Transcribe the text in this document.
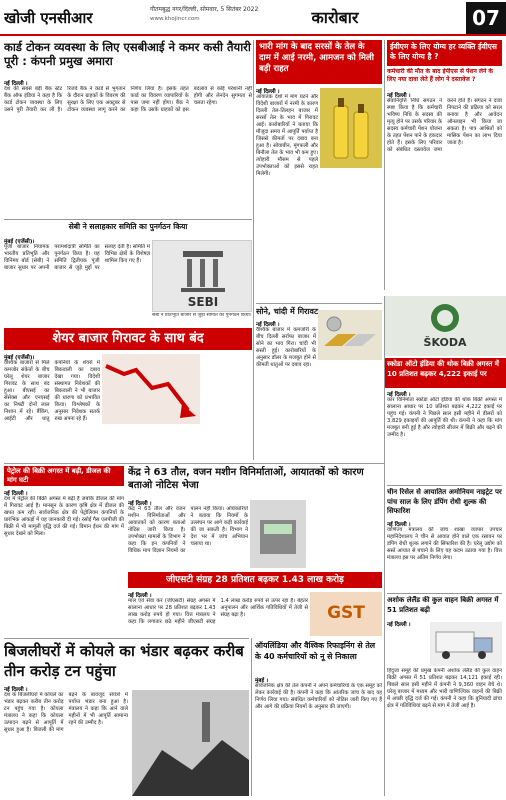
खोजी एनसीआर	गौतमबुद्ध नगर/दिल्ली, सोमवार, 5 सितंबर 2022
www.khojincr.com	कारोबार	07
कार्ड टोकन व्यवस्था के लिए एसबीआई ने कमर कसी तैयारी पूरी : कंपनी प्रमुख अमारा
नई दिल्ली ।

देश की सबसे बड़ी बैंक स्टेट बैंक ऑफ इंडिया ने कहा है कि कार्ड टोकन व्यवस्था के लिए उसने पूरी तैयारी कर ली है। रिजर्व बैंक ने कार्ड से भुगतान के दौरान ग्राहकों के विवरण की सुरक्षा के लिए एक अक्टूबर से टोकन व्यवस्था लागू करने का निर्णय लिया है। इसके तहत कार्ड का विवरण व्यापारियों के पास जमा नहीं होगा। बैंक ने कहा कि उसके ग्राहकों को इस बदलाव से कोई परेशानी नहीं होगी और लेनदेन सुगमता से चलता रहेगा।

सेबी ने सलाहकार समिति का पुनर्गठन किया
मुंबई (एजेंसी)।

पूंजी बाजार नियामक भारतीय प्रतिभूति और विनिमय बोर्ड (सेबी) ने बाजार सुधार पर अपनी परामर्शदात्री समिति का पुनर्गठन किया है। यह समिति द्वितीयक पूंजी बाजार से जुड़े मुद्दों पर सलाह देती है। समिति में विभिन्न क्षेत्रों के विशेषज्ञ शामिल किए गए हैं।

SEBI
सेबी ने प्रतिभूति बाजार से जुड़ी समिति का पुनर्गठन किया।
शेयर बाजार गिरावट के साथ बंद
मुंबई (एजेंसी)।

वैश्विक बाजारों से मिले कमजोर संकेतों के बीच घरेलू शेयर बाजार गिरावट के साथ बंद हुआ। बीएसई का सेंसेक्स और एनएसई का निफ्टी दोनों लाल निशान में रहे। बैंकिंग, आईटी और धातु कंपनियों के शेयरों में बिकवाली का दबाव देखा गया। विदेशी संस्थागत निवेशकों की बिकवाली ने भी बाजार की धारणा को प्रभावित किया। विश्लेषकों के अनुसार निवेशक सतर्क रुख अपना रहे हैं।

भारी मांग के बाद सरसों के तेल के दाम में आई नरमी, आमजन को मिली बड़ी राहत
नई दिल्ली ।

आयातक देशों में मांग घटने और विदेशी बाजारों में नरमी के कारण दिल्ली तेल-तिलहन बाजार में सरसों तेल के भाव में गिरावट आई। कारोबारियों ने बताया कि मौजूदा समय में आपूर्ति पर्याप्त है जिससे कीमतों पर दबाव बना हुआ है। सोयाबीन, मूंगफली और बिनौला तेल के भाव भी कम हुए। त्योहारी मौसम से पहले उपभोक्ताओं को इससे राहत मिलेगी।

सोने, चांदी में गिरावट
नई दिल्ली ।

वैश्विक बाजार में कमजोरी के बीच दिल्ली सर्राफा बाजार में सोने का भाव गिरा। चांदी भी सस्ती हुई। कारोबारियों के अनुसार डॉलर के मजबूत होने से कीमती धातुओं पर दबाव रहा।

ईवीएम के लिए योग्य हर व्यक्ति ईवीएस के लिए योग्य है ?
कर्मचारी की मौत के बाद ईपीएस से पेंशन लेने के लिए नया दावा लेते हैं लोग ने दस्तावेज ?
नई दिल्ली ।

सेवानिवृत्ति निधि संगठन ने स्पष्ट किया है कि कर्मचारी भविष्य निधि के सदस्य की मृत्यु होने पर उसके परिवार के सदस्य कर्मचारी पेंशन योजना के तहत पेंशन पाने के हकदार होते हैं। इसके लिए परिवार को संबंधित दस्तावेज जमा करने होते हैं। संगठन ने दावा निपटाने की प्रक्रिया को सरल बनाया है और आवेदन ऑनलाइन भी किया जा सकता है। पात्र आश्रितों को मासिक पेंशन का लाभ दिया जाता है।

ŠKODA
स्कोडा ऑटो इंडिया की थोक बिक्री अगस्त में 10 प्रतिशत बढ़कर 4,222 इकाई पर
नई दिल्ली ।

कार विनिर्माता स्कोडा ऑटो इंडिया की थोक बिक्री अगस्त में सालाना आधार पर 10 प्रतिशत बढ़कर 4,222 इकाई पर पहुंच गई। कंपनी ने पिछले साल इसी महीने में डीलरों को 3,829 इकाइयों की आपूर्ति की थी। कंपनी ने कहा कि मांग मजबूत बनी हुई है और त्योहारी सीजन में बिक्री और बढ़ने की उम्मीद है।

चीन रिसेल से आयातित अमोनियम नाइट्रेट पर पांच साल के लिए डंपिंग रोधी शुल्क की सिफारिश
नई दिल्ली ।

वाणिज्य मंत्रालय की जांच शाखा व्यापार उपचार महानिदेशालय ने चीन से आयात होने वाले एक रसायन पर डंपिंग रोधी शुल्क लगाने की सिफारिश की है। घरेलू उद्योग को सस्ते आयात से बचाने के लिए यह कदम उठाया गया है। वित्त मंत्रालय इस पर अंतिम निर्णय लेगा।

अशोक लेलैंड की कुल वाहन बिक्री अगस्त में 51 प्रतिशत बढ़ी
नई दिल्ली ।

हिंदुजा समूह की प्रमुख कंपनी अशोक लेलैंड की कुल वाहन बिक्री अगस्त में 51 प्रतिशत बढ़कर 14,121 इकाई रही। पिछले साल इसी महीने में कंपनी ने 9,360 वाहन बेचे थे। घरेलू बाजार में मध्यम और भारी वाणिज्यिक वाहनों की बिक्री में अच्छी वृद्धि दर्ज की गई। कंपनी ने कहा कि बुनियादी ढांचा क्षेत्र में गतिविधियां बढ़ने से मांग में तेजी आई है।

पेट्रोल की बिक्री अगस्त में बढ़ी, डीजल की मांग घटी
नई दिल्ली ।

देश में पेट्रोल की बिक्री अगस्त में बढ़ी है जबकि डीजल की मांग में गिरावट आई है। मानसून के कारण कृषि क्षेत्र में डीजल की खपत कम रही। सार्वजनिक क्षेत्र की पेट्रोलियम कंपनियों के प्रारंभिक आंकड़ों में यह जानकारी दी गई। रसोई गैस एलपीजी की बिक्री में भी मामूली वृद्धि दर्ज की गई। विमान ईंधन की मांग में सुधार देखने को मिला।

केंद्र ने 63 तौल, वजन मशीन विनिर्माताओं, आयातकों को कारण बताओ नोटिस भेजा
नई दिल्ली ।

केंद्र ने 63 तौल और वजन मशीन विनिर्माताओं और आयातकों को कारण बताओ नोटिस जारी किया है। उपभोक्ता मामलों के विभाग ने कहा कि इन कंपनियों ने विधिक माप विज्ञान नियमों का पालन नहीं किया। अधिकारियों ने बताया कि नियमों के उल्लंघन पर आगे कड़ी कार्रवाई की जा सकती है। विभाग ने देश भर में जांच अभियान चलाया था।

जीएसटी संग्रह 28 प्रतिशत बढ़कर 1.43 लाख करोड़
नई दिल्ली ।

माल एवं सेवा कर (जीएसटी) संग्रह अगस्त में सालाना आधार पर 28 प्रतिशत बढ़कर 1.43 लाख करोड़ रुपये हो गया। वित्त मंत्रालय ने कहा कि लगातार छठे महीने जीएसटी संग्रह 1.4 लाख करोड़ रुपये से ऊपर रहा है। बेहतर अनुपालन और आर्थिक गतिविधियों में तेजी से संग्रह बढ़ा है।	GST
बिजलीघरों में कोयले का भंडार बढ़कर करीब तीन करोड़ टन पहुंचा
नई दिल्ली ।

देश के बिजलीघरों में कोयले का भंडार बढ़कर करीब तीन करोड़ टन पहुंच गया है। कोयला मंत्रालय ने कहा कि कोयला उत्पादन बढ़ने से आपूर्ति में सुधार हुआ है। बिजली की मांग बढ़ने के बावजूद संयंत्रों में पर्याप्त भंडार बना हुआ है। मंत्रालय ने कहा कि आने वाले महीनों में भी आपूर्ति सामान्य रहने की उम्मीद है।

ऑयलिंडिया और वैश्विक रिफाइनिंग से तेल के 40 कर्मचारियों को नू से निकाला
मुंबई ।

सार्वजनिक क्षेत्र की तेल कंपनी ने अपने कर्मचारियों के एक समूह को लेकर कार्रवाई की है। कंपनी ने कहा कि आंतरिक जांच के बाद यह निर्णय लिया गया। संबंधित कर्मचारियों को नोटिस जारी किए गए हैं और आगे की प्रक्रिया नियमों के अनुसार की जाएगी।
